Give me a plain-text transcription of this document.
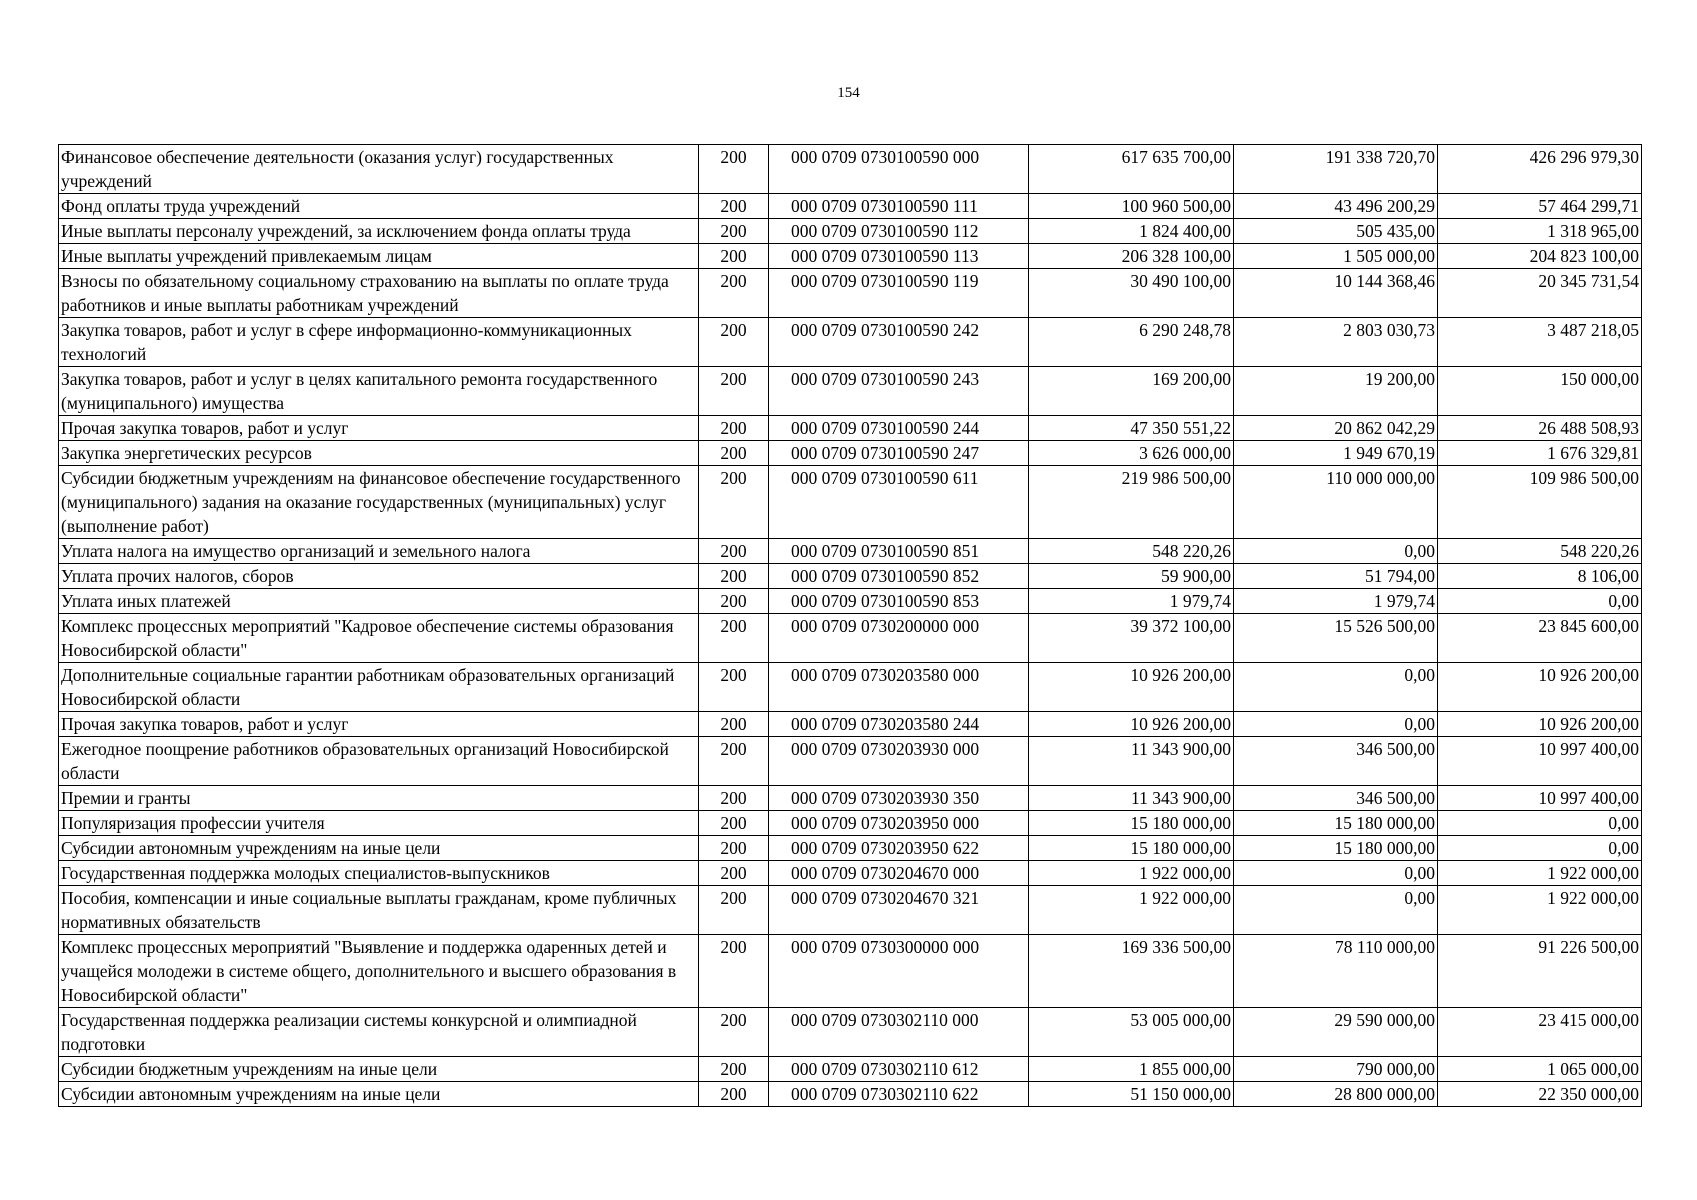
154
Финансовое обеспечение деятельности (оказания услуг) государственных учреждений	200	000 0709 0730100590 000	617 635 700,00	191 338 720,70	426 296 979,30
Фонд оплаты труда учреждений	200	000 0709 0730100590 111	100 960 500,00	43 496 200,29	57 464 299,71
Иные выплаты персоналу учреждений, за исключением фонда оплаты труда	200	000 0709 0730100590 112	1 824 400,00	505 435,00	1 318 965,00
Иные выплаты учреждений привлекаемым лицам	200	000 0709 0730100590 113	206 328 100,00	1 505 000,00	204 823 100,00
Взносы по обязательному социальному страхованию на выплаты по оплате труда работников и иные выплаты работникам учреждений	200	000 0709 0730100590 119	30 490 100,00	10 144 368,46	20 345 731,54
Закупка товаров, работ и услуг в сфере информационно-коммуникационных технологий	200	000 0709 0730100590 242	6 290 248,78	2 803 030,73	3 487 218,05
Закупка товаров, работ и услуг в целях капитального ремонта государственного (муниципального) имущества	200	000 0709 0730100590 243	169 200,00	19 200,00	150 000,00
Прочая закупка товаров, работ и услуг	200	000 0709 0730100590 244	47 350 551,22	20 862 042,29	26 488 508,93
Закупка энергетических ресурсов	200	000 0709 0730100590 247	3 626 000,00	1 949 670,19	1 676 329,81
Субсидии бюджетным учреждениям на финансовое обеспечение государственного (муниципального) задания на оказание государственных (муниципальных) услуг (выполнение работ)	200	000 0709 0730100590 611	219 986 500,00	110 000 000,00	109 986 500,00
Уплата налога на имущество организаций и земельного налога	200	000 0709 0730100590 851	548 220,26	0,00	548 220,26
Уплата прочих налогов, сборов	200	000 0709 0730100590 852	59 900,00	51 794,00	8 106,00
Уплата иных платежей	200	000 0709 0730100590 853	1 979,74	1 979,74	0,00
Комплекс процессных мероприятий "Кадровое обеспечение системы образования Новосибирской области"	200	000 0709 0730200000 000	39 372 100,00	15 526 500,00	23 845 600,00
Дополнительные социальные гарантии работникам образовательных организаций Новосибирской области	200	000 0709 0730203580 000	10 926 200,00	0,00	10 926 200,00
Прочая закупка товаров, работ и услуг	200	000 0709 0730203580 244	10 926 200,00	0,00	10 926 200,00
Ежегодное поощрение работников образовательных организаций Новосибирской области	200	000 0709 0730203930 000	11 343 900,00	346 500,00	10 997 400,00
Премии и гранты	200	000 0709 0730203930 350	11 343 900,00	346 500,00	10 997 400,00
Популяризация профессии учителя	200	000 0709 0730203950 000	15 180 000,00	15 180 000,00	0,00
Субсидии автономным учреждениям на иные цели	200	000 0709 0730203950 622	15 180 000,00	15 180 000,00	0,00
Государственная поддержка молодых специалистов-выпускников	200	000 0709 0730204670 000	1 922 000,00	0,00	1 922 000,00
Пособия, компенсации и иные социальные выплаты гражданам, кроме публичных нормативных обязательств	200	000 0709 0730204670 321	1 922 000,00	0,00	1 922 000,00
Комплекс процессных мероприятий "Выявление и поддержка одаренных детей и учащейся молодежи в системе общего, дополнительного и высшего образования в Новосибирской области"	200	000 0709 0730300000 000	169 336 500,00	78 110 000,00	91 226 500,00
Государственная поддержка реализации системы конкурсной и олимпиадной подготовки	200	000 0709 0730302110 000	53 005 000,00	29 590 000,00	23 415 000,00
Субсидии бюджетным учреждениям на иные цели	200	000 0709 0730302110 612	1 855 000,00	790 000,00	1 065 000,00
Субсидии автономным учреждениям на иные цели	200	000 0709 0730302110 622	51 150 000,00	28 800 000,00	22 350 000,00
